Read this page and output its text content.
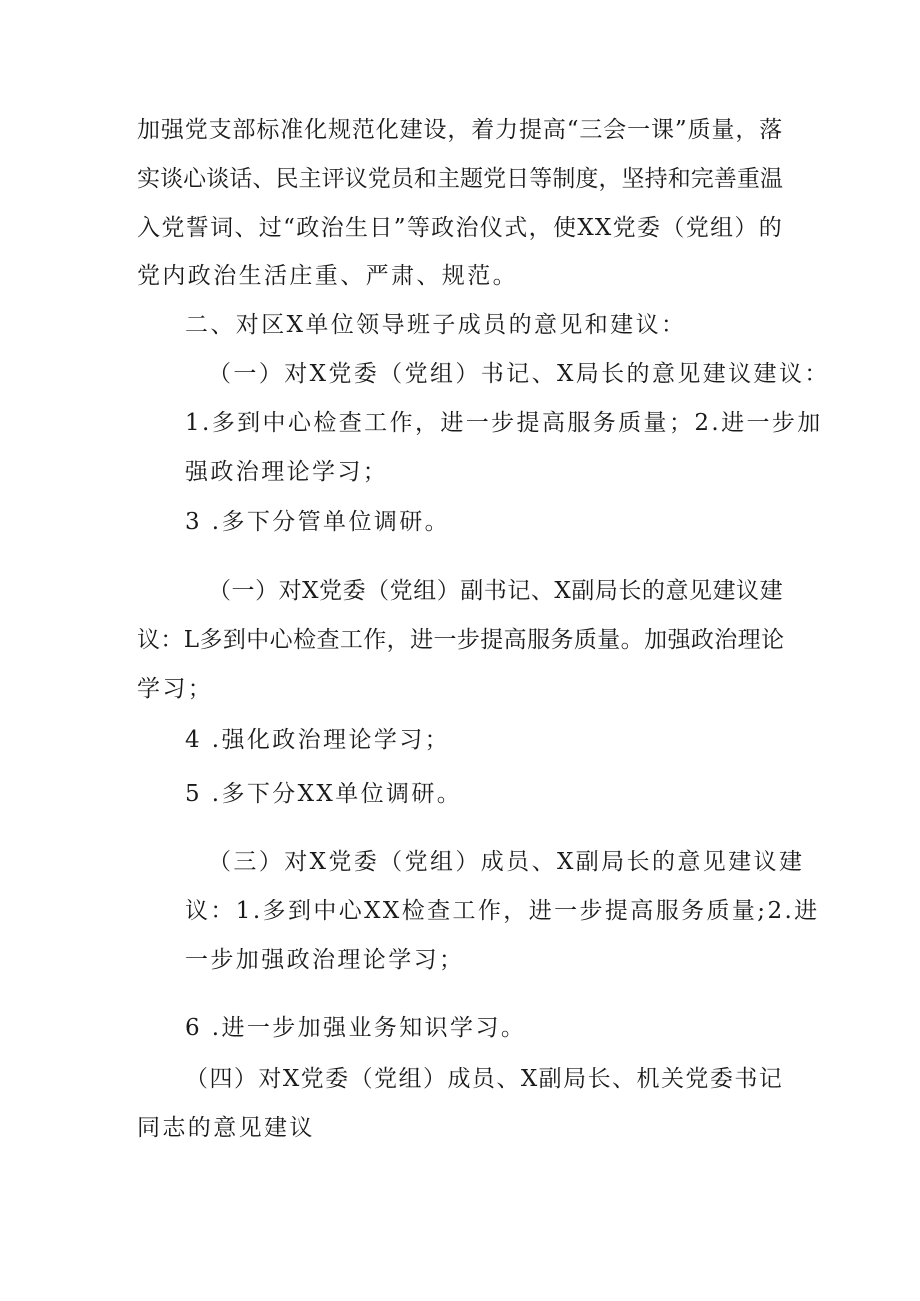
加强党支部标准化规范化建设，着力提高“三会一课”质量，落

实谈心谈话、民主评议党员和主题党日等制度，坚持和完善重温

入党誓词、过“政治生日”等政治仪式，使XX党委（党组）的

党内政治生活庄重、严肃、规范。

二、对区X单位领导班子成员的意见和建议：

（一）对X党委（党组）书记、X局长的意见建议建议：

1.多到中心检查工作，进一步提高服务质量；2.进一步加

强政治理论学习；

3 .多下分管单位调研。

（一）对X党委（党组）副书记、X副局长的意见建议建

议：L多到中心检查工作，进一步提高服务质量。加强政治理论

学习；

4 .强化政治理论学习；

5 .多下分XX单位调研。

（三）对X党委（党组）成员、X副局长的意见建议建

议：1.多到中心XX检查工作，进一步提高服务质量;2.进

一步加强政治理论学习；

6 .进一步加强业务知识学习。

（四）对X党委（党组）成员、X副局长、机关党委书记

同志的意见建议
